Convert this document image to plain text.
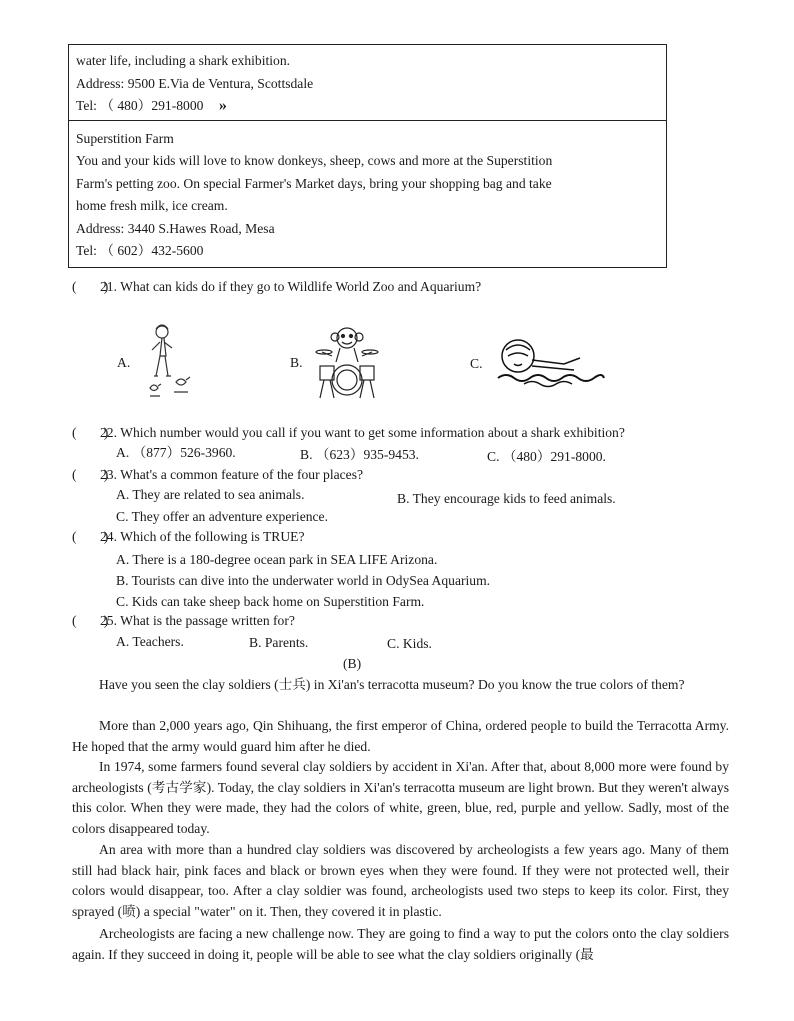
water life, including a shark exhibition.
Address: 9500 E.Via de Ventura, Scottsdale
Tel: （ 480）291-8000 »
Superstition Farm
You and your kids will love to know donkeys, sheep, cows and more at the Superstition
Farm's petting zoo. On special Farmer's Market days, bring your shopping bag and take
home fresh milk, ice cream.
Address: 3440 S.Hawes Road, Mesa
Tel: （ 602）432-5600
(　　)21. What can kids do if they go to Wildlife World Zoo and Aquarium?
A.	B.	C.
(　　)22. Which number would you call if you want to get some information about a shark exhibition?
A. （877）526-3960.	B. （623）935-9453.	C. （480）291-8000.
(　　)23. What's a common feature of the four places?
A. They are related to sea animals.	B. They encourage kids to feed animals.
C. They offer an adventure experience.
(　　)24. Which of the following is TRUE?
A. There is a 180-degree ocean park in SEA LIFE Arizona.
B. Tourists can dive into the underwater world in OdySea Aquarium.
C. Kids can take sheep back home on Superstition Farm.
(　　)25. What is the passage written for?
A. Teachers.	B. Parents.	C. Kids.
(B)

Have you seen the clay soldiers (士兵) in Xi'an's terracotta museum? Do you know the true colors of them?

More than 2,000 years ago, Qin Shihuang, the first emperor of China, ordered people to build the Terracotta Army. He hoped that the army would guard him after he died.

In 1974, some farmers found several clay soldiers by accident in Xi'an. After that, about 8,000 more were found by archeologists (考古学家). Today, the clay soldiers in Xi'an's terracotta museum are light brown. But they weren't always this color. When they were made, they had the colors of white, green, blue, red, purple and yellow. Sadly, most of the colors disappeared today.

An area with more than a hundred clay soldiers was discovered by archeologists a few years ago. Many of them still had black hair, pink faces and black or brown eyes when they were found. If they were not protected well, their colors would disappear, too. After a clay soldier was found, archeologists used two steps to keep its color. First, they sprayed (喷) a special "water" on it. Then, they covered it in plastic.

Archeologists are facing a new challenge now. They are going to find a way to put the colors onto the clay soldiers again. If they succeed in doing it, people will be able to see what the clay soldiers originally (最
